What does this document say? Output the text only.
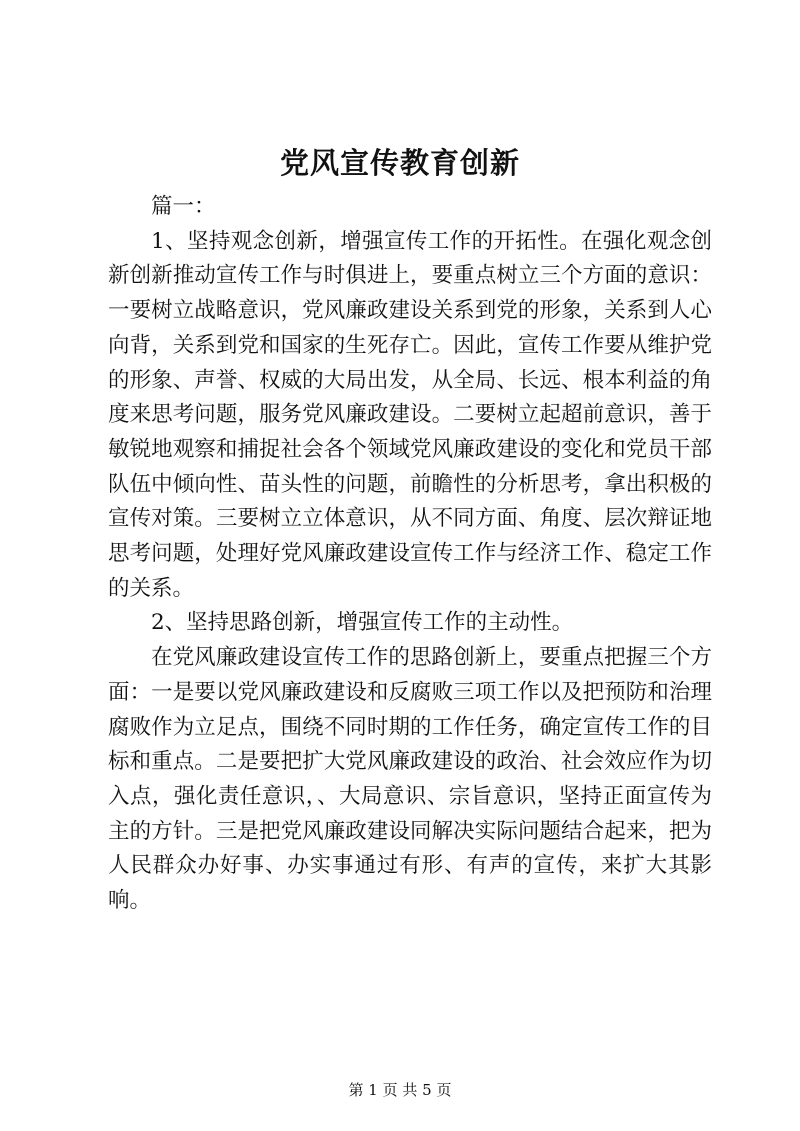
党风宣传教育创新

篇一：

1、坚持观念创新，增强宣传工作的开拓性。在强化观念创新创新推动宣传工作与时俱进上，要重点树立三个方面的意识：一要树立战略意识，党风廉政建设关系到党的形象，关系到人心向背，关系到党和国家的生死存亡。因此，宣传工作要从维护党的形象、声誉、权威的大局出发，从全局、长远、根本利益的角度来思考问题，服务党风廉政建设。二要树立起超前意识，善于敏锐地观察和捕捉社会各个领域党风廉政建设的变化和党员干部队伍中倾向性、苗头性的问题，前瞻性的分析思考，拿出积极的宣传对策。三要树立立体意识，从不同方面、角度、层次辩证地思考问题，处理好党风廉政建设宣传工作与经济工作、稳定工作的关系。

2、坚持思路创新，增强宣传工作的主动性。

在党风廉政建设宣传工作的思路创新上，要重点把握三个方面：一是要以党风廉政建设和反腐败三项工作以及把预防和治理腐败作为立足点，围绕不同时期的工作任务，确定宣传工作的目标和重点。二是要把扩大党风廉政建设的政治、社会效应作为切入点，强化责任意识，、大局意识、宗旨意识，坚持正面宣传为主的方针。三是把党风廉政建设同解决实际问题结合起来，把为人民群众办好事、办实事通过有形、有声的宣传，来扩大其影响。

第 1 页 共 5 页
